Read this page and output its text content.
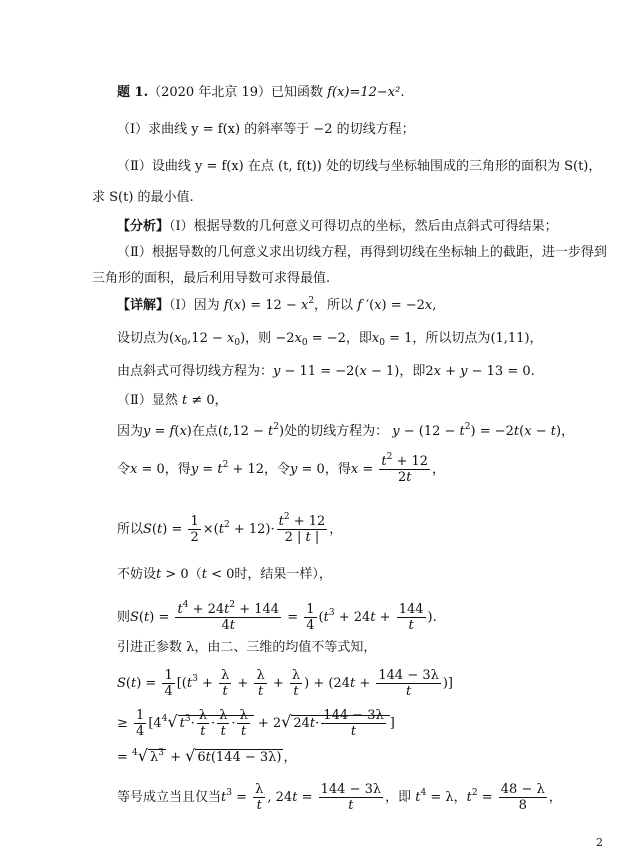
题 1.（2020 年北京 19）已知函数 f(x)=12−x².
（Ⅰ）求曲线 y = f(x) 的斜率等于 −2 的切线方程；
（Ⅱ）设曲线 y = f(x) 在点 (t, f(t)) 处的切线与坐标轴围成的三角形的面积为 S(t)，
求 S(t) 的最小值.
【分析】（Ⅰ）根据导数的几何意义可得切点的坐标，然后由点斜式可得结果；
（Ⅱ）根据导数的几何意义求出切线方程，再得到切线在坐标轴上的截距，进一步得到
三角形的面积，最后利用导数可求得最值.
【详解】（Ⅰ）因为 $f(x) = 12 - x^2$，所以 f ′(x) = −2x,
设切点为$(x_0,12 - x_0)$，则 $-2x_0 = -2$，即$x_0 = 1$，所以切点为(1,11)，
由点斜式可得切线方程为：y − 11 = −2(x − 1)，即2x + y − 13 = 0.
（Ⅱ）显然 t ≠ 0，
因为y = f(x)在点$(t,12 - t^2)$处的切线方程为： $y - (12 - t^2) = -2t(x - t)$，
令x = 0，得$y = t^2 + 12$，令y = 0，得$x = \frac{t^2 + 12}{2t}$ ，
所以$S(t) = \frac{1}{2} \times(t^2 + 12)\cdot \frac{t^2 + 12}{2 | t |}$ ，
不妨设t > 0（t < 0时，结果一样），
则$S(t) = \frac{t^4 + 24t^2 + 144}{4t} = \frac{1}{4} (t^3 + 24t + \frac{144}{t}$ ).
引进正参数 λ，由二、三维的均值不等式知，
$S(t) = \frac{1}{4} [(t^3 + \frac{\lambda}{t} + \frac{\lambda}{t} + \frac{\lambda}{t}$ ) + ($24t + \frac{144 - 3\lambda}{t}$ )]
≥ $\frac{1}{4} [4^4√$ $t^3\cdot \frac{\lambda}{t} \cdot \frac{\lambda}{t} \cdot \frac{\lambda}{t} + 2√$ $24t\cdot \frac{144 - 3\lambda}{t}$ ]
= $^4$√ $\lambda^3$ + √ 6t(144 − 3λ) ，
等号成立当且仅当$t^3 = \frac{\lambda}{t}$ , $24t = \frac{144 - 3\lambda}{t}$ ，即 $t^4 = \lambda$，$t^2 = \frac{48 - \lambda}{8}$ ，
2
